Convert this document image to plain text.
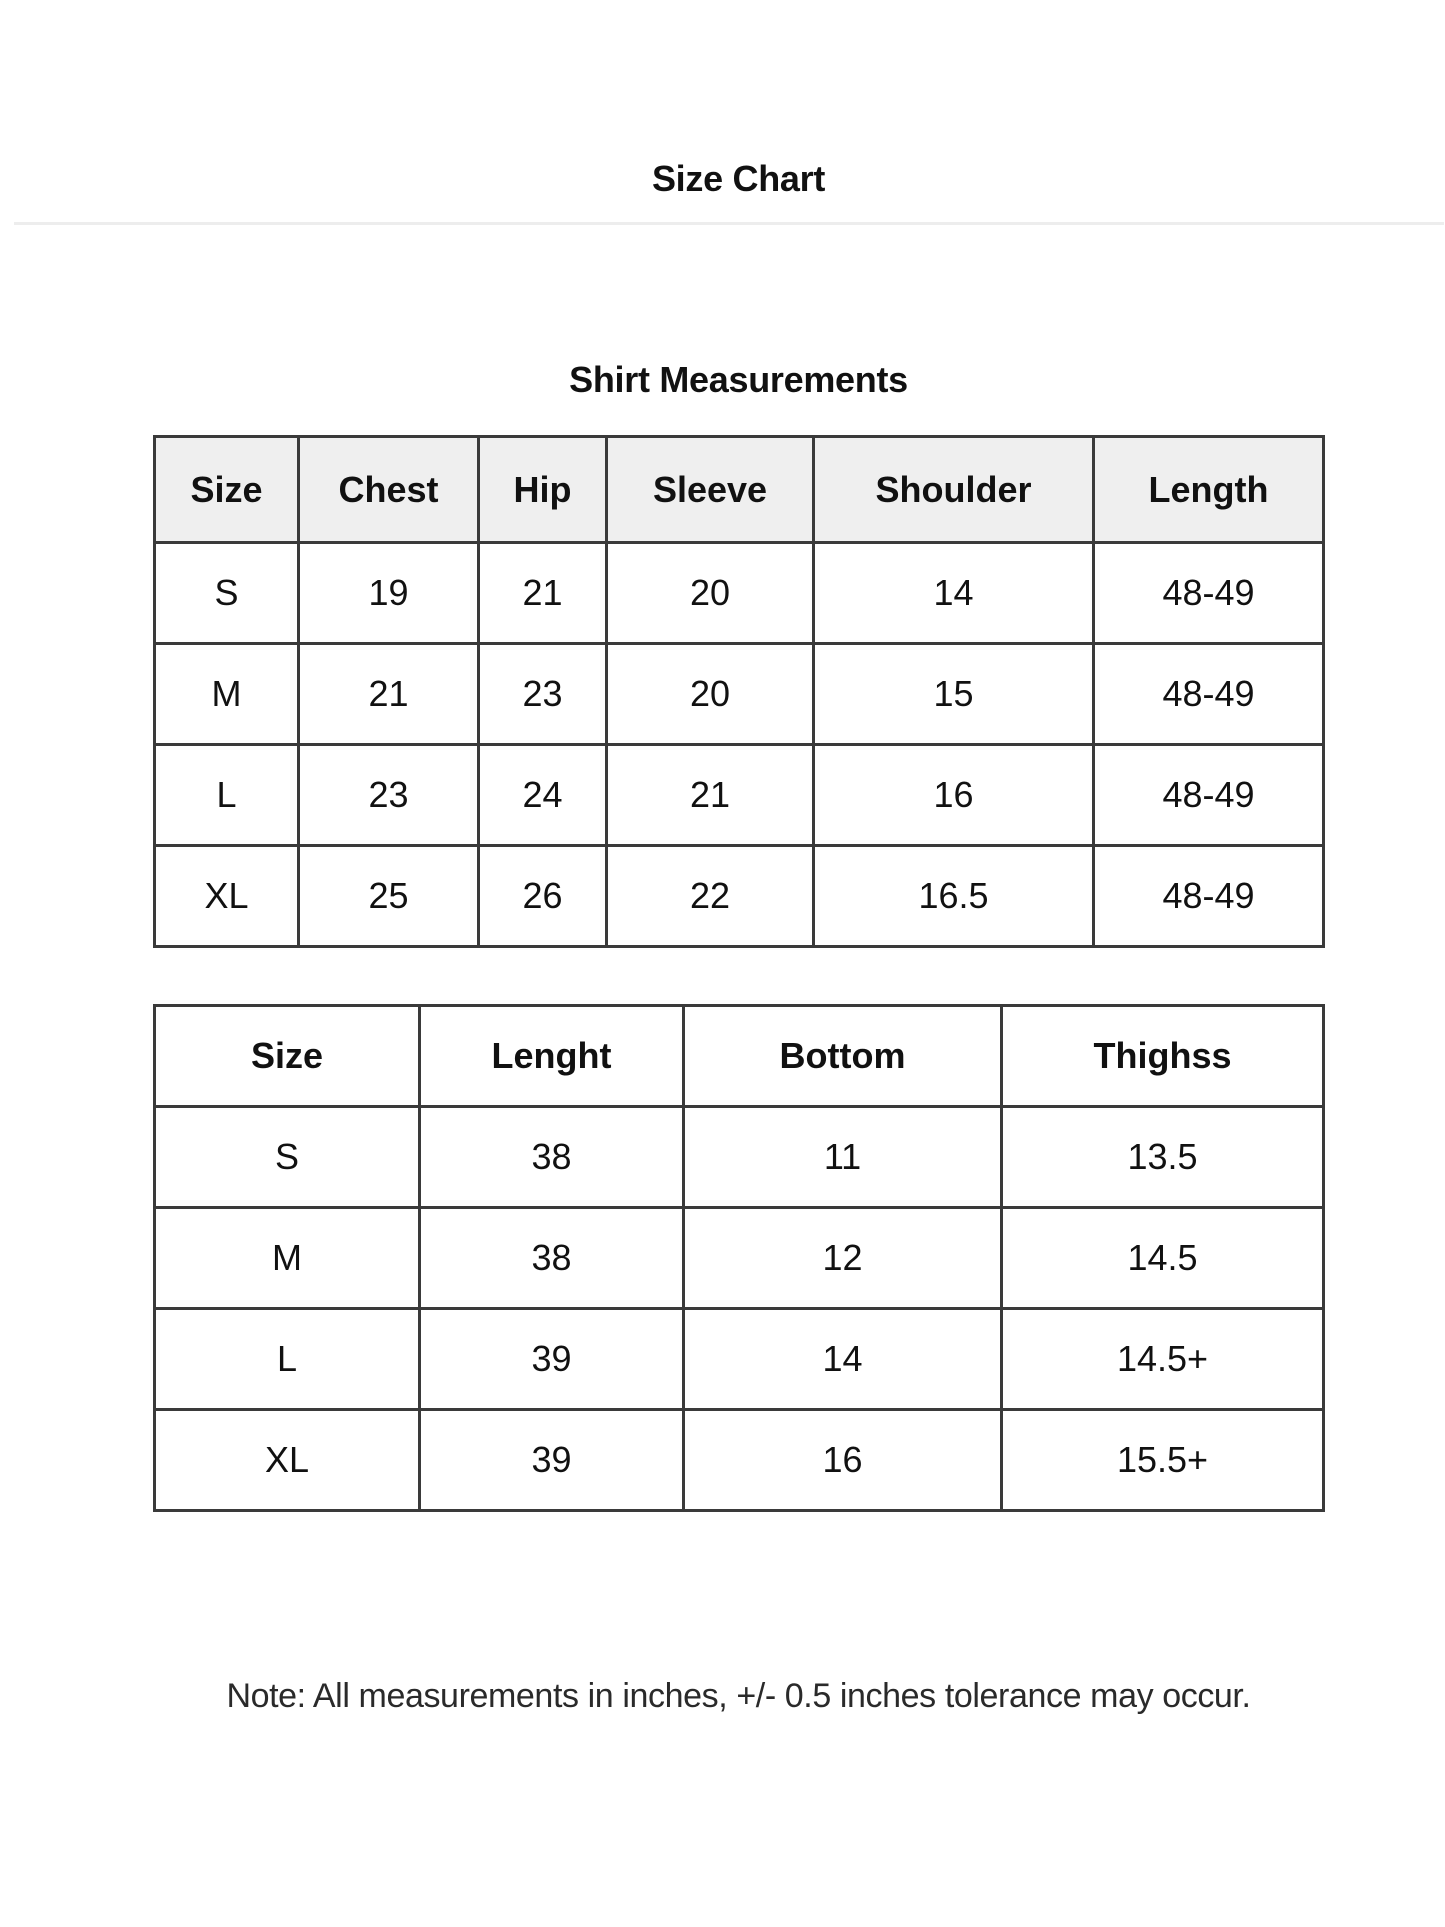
Size Chart
Shirt Measurements
Size	Chest	Hip	Sleeve	Shoulder	Length
S	19	21	20	14	48-49
M	21	23	20	15	48-49
L	23	24	21	16	48-49
XL	25	26	22	16.5	48-49
Size	Lenght	Bottom	Thighss
S	38	11	13.5
M	38	12	14.5
L	39	14	14.5+
XL	39	16	15.5+
Note: All measurements in inches, +/- 0.5 inches tolerance may occur.
